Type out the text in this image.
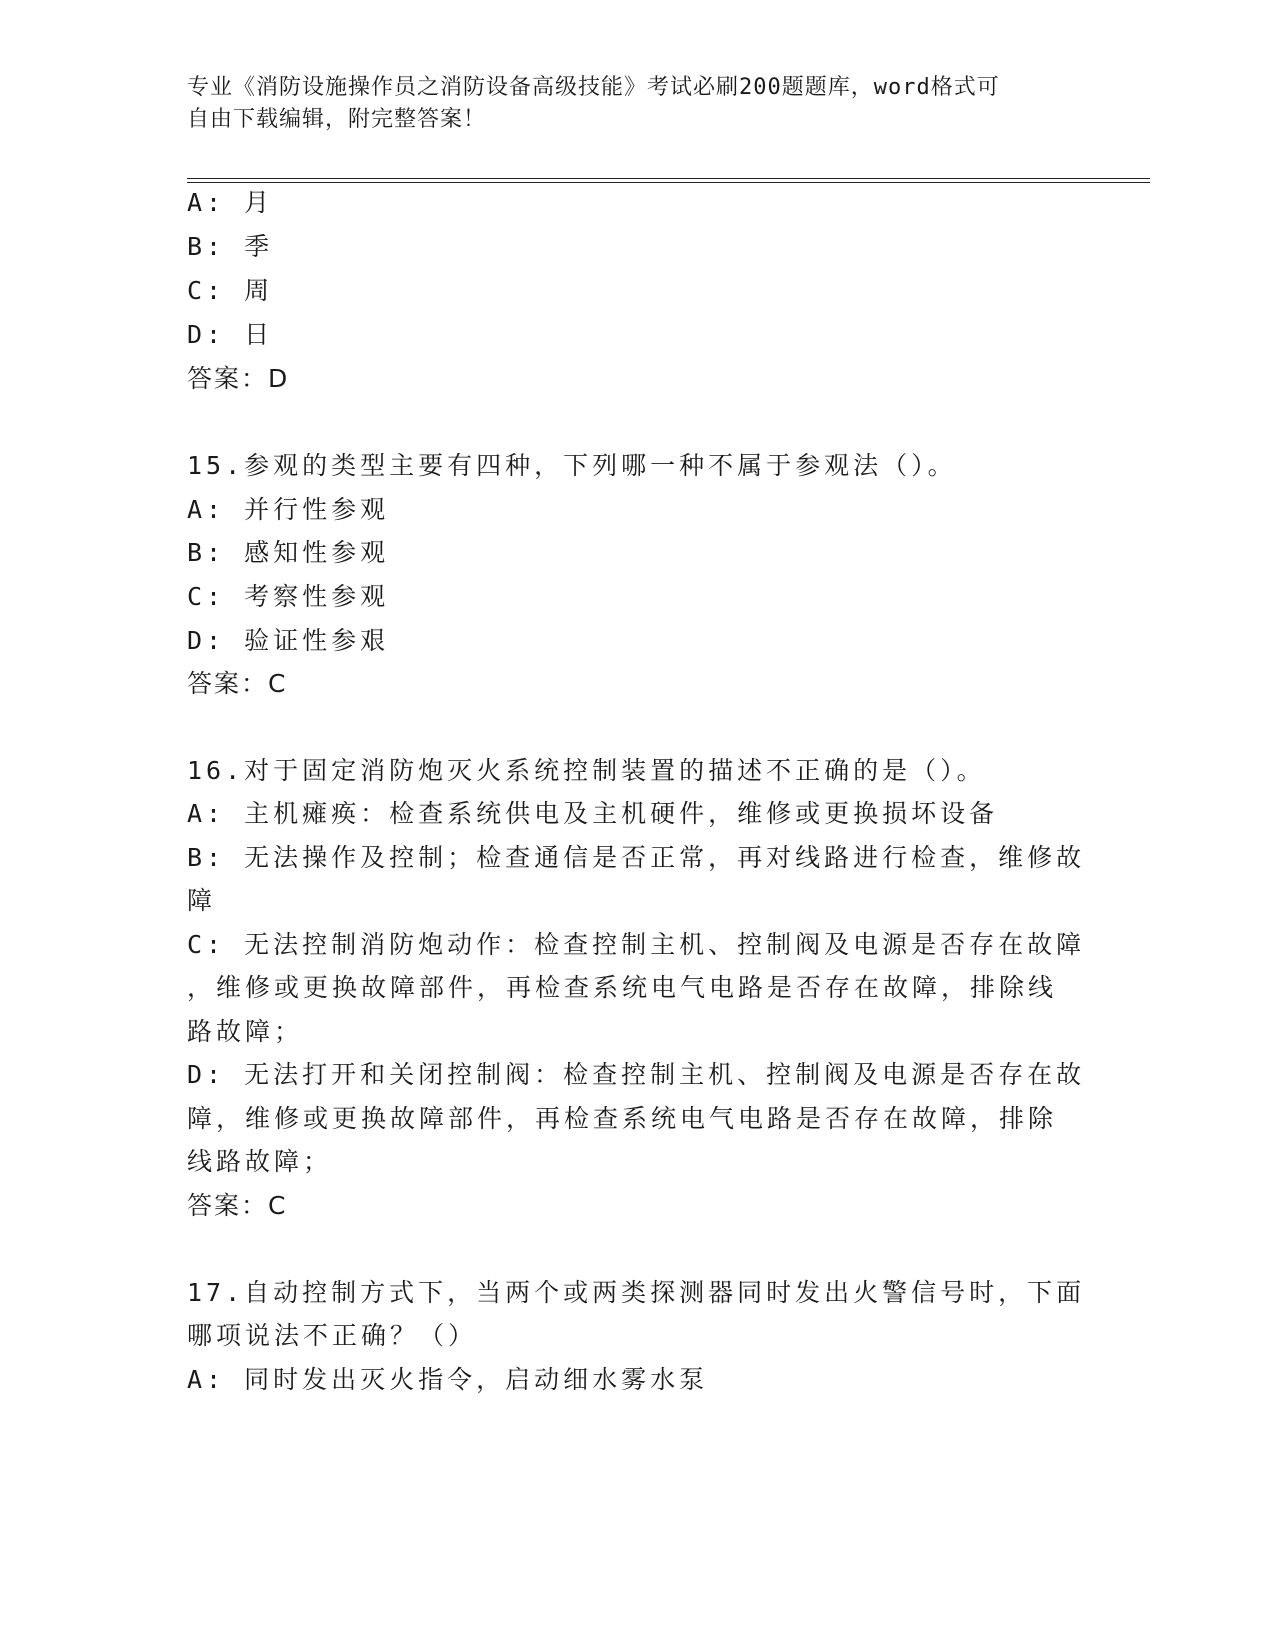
专业《消防设施操作员之消防设备高级技能》考试必刷200题题库，word格式可
自由下载编辑，附完整答案！
A: 月
B: 季
C: 周
D: 日
答案：D
15.参观的类型主要有四种，下列哪一种不属于参观法（）。
A: 并行性参观
B: 感知性参观
C: 考察性参观
D: 验证性参艰
答案：C
16.对于固定消防炮灭火系统控制装置的描述不正确的是（）。
A: 主机瘫痪：检查系统供电及主机硬件，维修或更换损坏设备
B: 无法操作及控制；检查通信是否正常，再对线路进行检查，维修故
障
C: 无法控制消防炮动作：检查控制主机、控制阀及电源是否存在故障
，维修或更换故障部件，再检查系统电气电路是否存在故障，排除线
路故障；
D: 无法打开和关闭控制阀：检查控制主机、控制阀及电源是否存在故
障，维修或更换故障部件，再检查系统电气电路是否存在故障，排除
线路故障；
答案：C
17.自动控制方式下，当两个或两类探测器同时发出火警信号时，下面
哪项说法不正确？（）
A: 同时发出灭火指令，启动细水雾水泵
